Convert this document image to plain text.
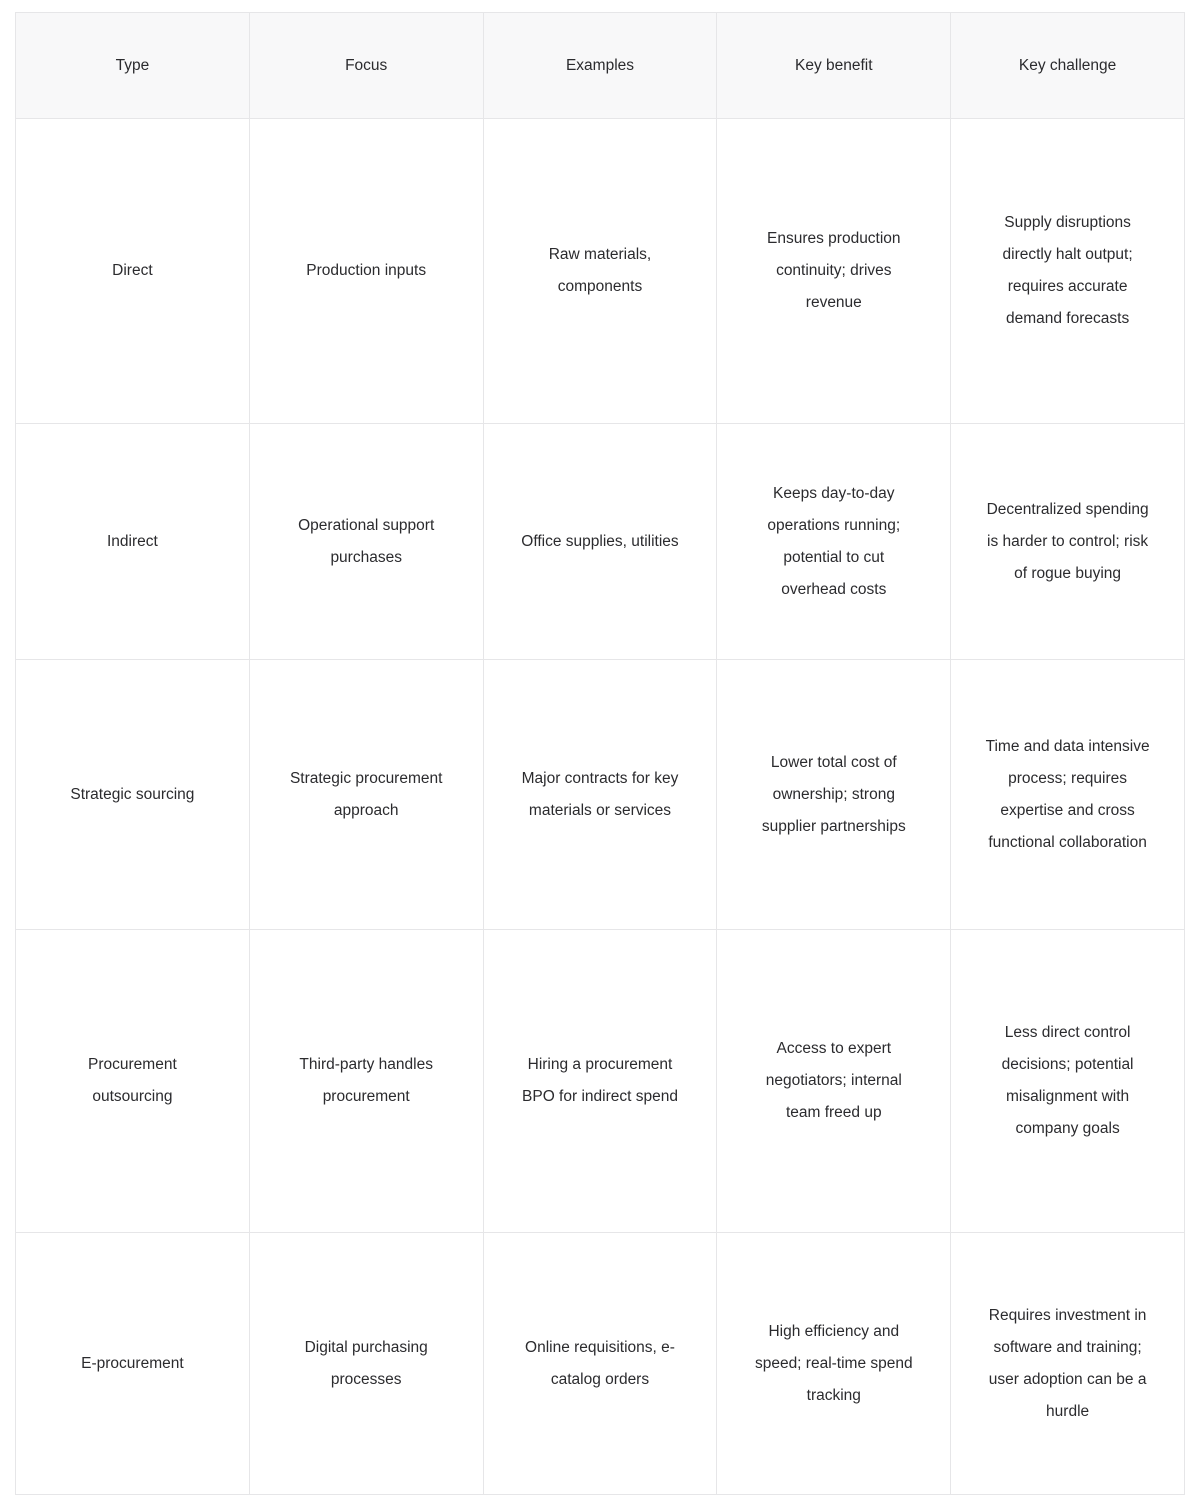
Type	Focus	Examples	Key benefit	Key challenge
Direct	Production inputs	Raw materials, components	Ensures production continuity; drives revenue	Supply disruptions directly halt output; requires accurate demand forecasts
Indirect	Operational support purchases	Office supplies, utilities	Keeps day-to-day operations running; potential to cut overhead costs	Decentralized spending is harder to control; risk of rogue buying
Strategic sourcing	Strategic procurement approach	Major contracts for key materials or services	Lower total cost of ownership; strong supplier partnerships	Time and data intensive process; requires expertise and cross functional collaboration
Procurement outsourcing	Third-party handles procurement	Hiring a procurement BPO for indirect spend	Access to expert negotiators; internal team freed up	Less direct control decisions; potential misalignment with company goals
E-procurement	Digital purchasing processes	Online requisitions, e-catalog orders	High efficiency and speed; real-time spend tracking	Requires investment in software and training; user adoption can be a hurdle
